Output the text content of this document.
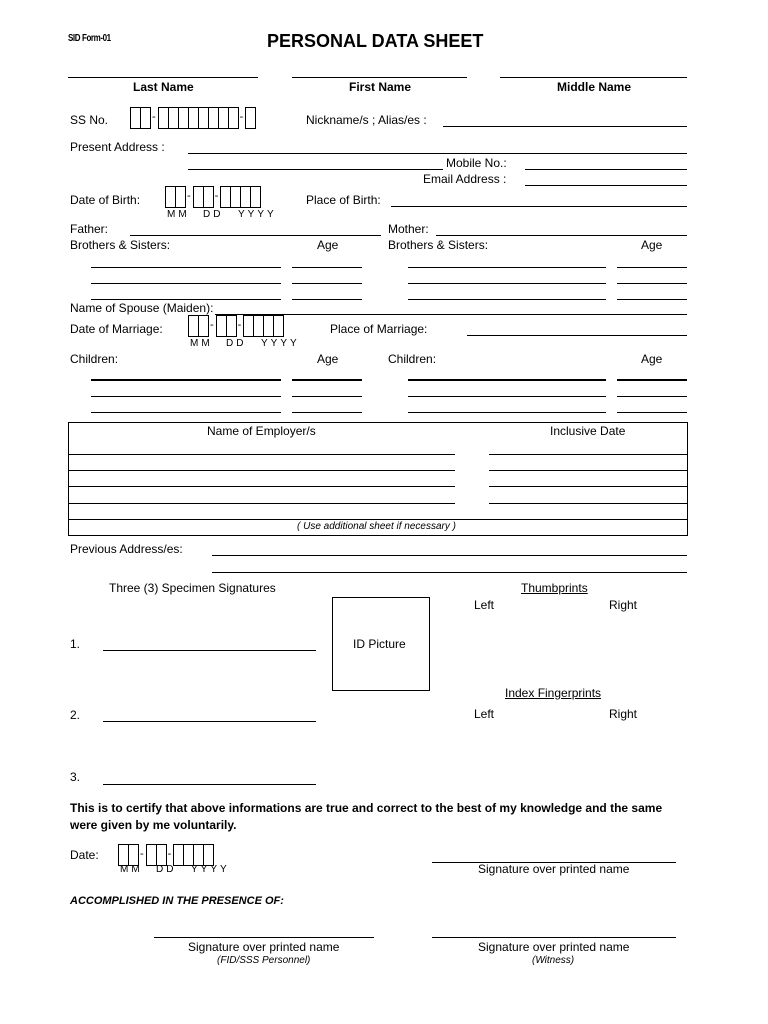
SID Form-01	PERSONAL DATA SHEET
Last Name	First Name	Middle Name
SS No.	-	-	Nickname/s ; Alias/es :
Present Address :
Mobile No.:
Email Address :
Date of Birth:	- -
MM DD YYYY
Place of Birth:
Father:	Mother:
Brothers & Sisters:	Age	Brothers & Sisters:	Age
Name of Spouse (Maiden):
Date of Marriage:	- -
MM DD YYYY
Place of Marriage:
Children:	Age	Children:	Age
Name of Employer/s	Inclusive Date
( Use additional sheet if necessary )
Previous Address/es:
Three (3) Specimen Signatures
1.
2.
3.
ID Picture
Thumbprints
Left	Right
Index Fingerprints
Left	Right
This is to certify that above informations are true and correct to the best of my knowledge and the same
were given by me voluntarily.
Date:	- -
MM DD YYYY	Signature over printed name
ACCOMPLISHED IN THE PRESENCE OF:
Signature over printed name
(FID/SSS Personnel)
Signature over printed name
(Witness)
